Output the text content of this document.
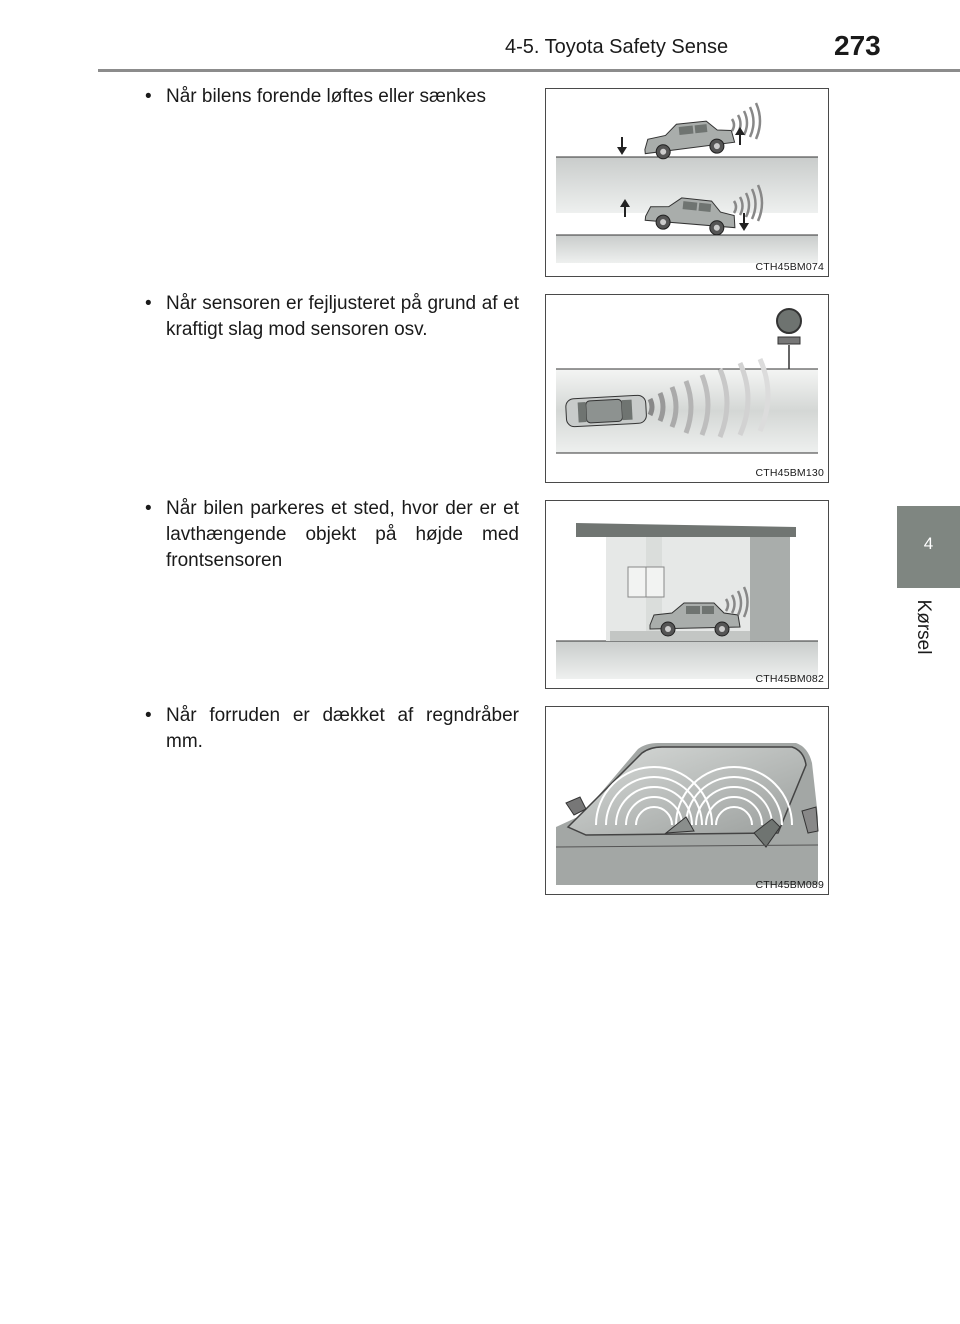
4-5. Toyota Safety Sense	273
4
Kørsel
• Når bilens forende løftes eller sænkes
CTH45BM074
• Når sensoren er fejljusteret på grund af et kraftigt slag mod sensoren osv.
CTH45BM130
• Når bilen parkeres et sted, hvor der er et lavthængende objekt på højde med frontsensoren
CTH45BM082
• Når forruden er dækket af regndråber mm.
CTH45BM089
